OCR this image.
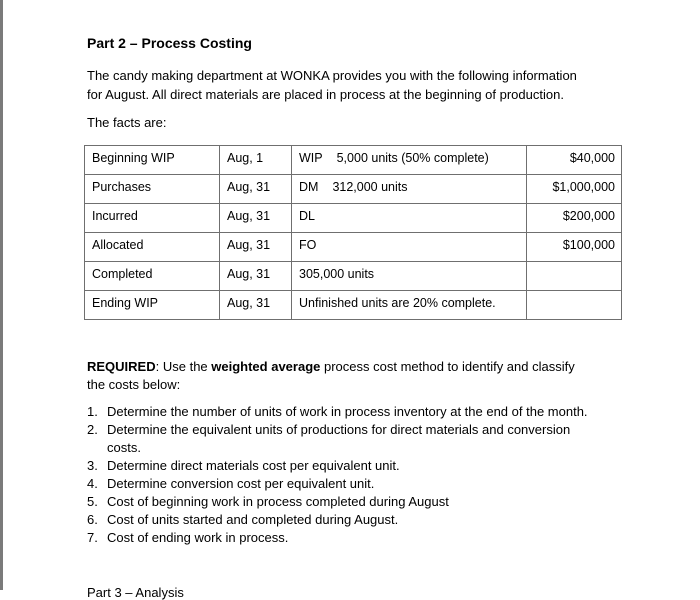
Part 2 – Process Costing
The candy making department at WONKA provides you with the following information
for August. All direct materials are placed in process at the beginning of production.
The facts are:
Beginning WIP	Aug, 1	WIP 5,000 units (50% complete)	$40,000
Purchases	Aug, 31	DM 312,000 units	$1,000,000
Incurred	Aug, 31	DL	$200,000
Allocated	Aug, 31	FO	$100,000
Completed	Aug, 31	305,000 units	
Ending WIP	Aug, 31	Unfinished units are 20% complete.	
REQUIRED: Use the weighted average process cost method to identify and classify
the costs below:
1. Determine the number of units of work in process inventory at the end of the month.
2. Determine the equivalent units of productions for direct materials and conversion
costs.
3. Determine direct materials cost per equivalent unit.
4. Determine conversion cost per equivalent unit.
5. Cost of beginning work in process completed during August
6. Cost of units started and completed during August.
7. Cost of ending work in process.
Part 3 – Analysis
